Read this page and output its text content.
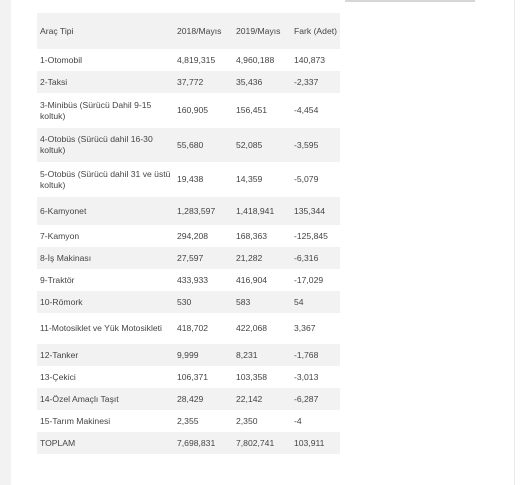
Araç Tipi	2018/Mayıs	2019/Mayıs	Fark (Adet)
1-Otomobil	4,819,315	4,960,188	140,873
2-Taksi	37,772	35,436	-2,337
3-Minibüs (Sürücü Dahil 9-15 koltuk)	160,905	156,451	-4,454
4-Otobüs (Sürücü dahil 16-30 koltuk)	55,680	52,085	-3,595
5-Otobüs (Sürücü dahil 31 ve üstü koltuk)	19,438	14,359	-5,079
6-Kamyonet	1,283,597	1,418,941	135,344
7-Kamyon	294,208	168,363	-125,845
8-İş Makinası	27,597	21,282	-6,316
9-Traktör	433,933	416,904	-17,029
10-Römork	530	583	54
11-Motosiklet ve Yük Motosikleti	418,702	422,068	3,367
12-Tanker	9,999	8,231	-1,768
13-Çekici	106,371	103,358	-3,013
14-Özel Amaçlı Taşıt	28,429	22,142	-6,287
15-Tarım Makinesi	2,355	2,350	-4
TOPLAM	7,698,831	7,802,741	103,911
